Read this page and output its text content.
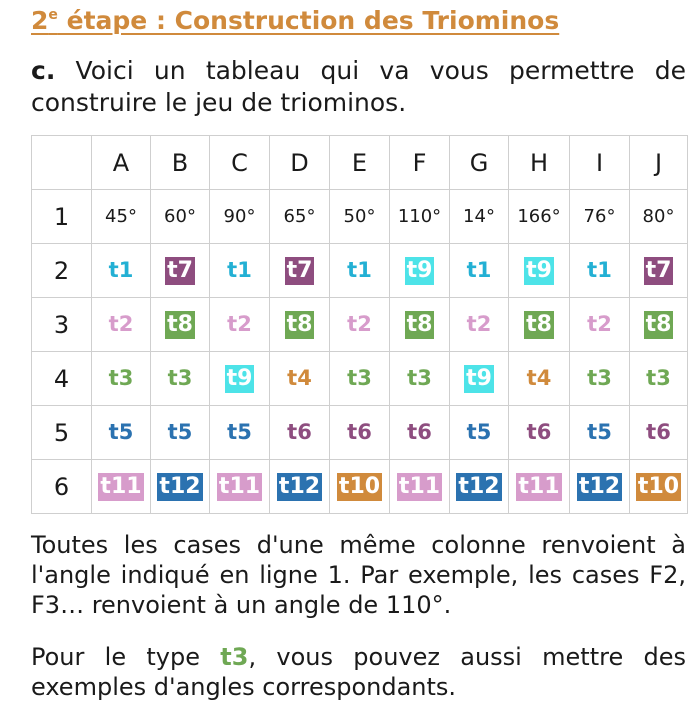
2e étape : Construction des Triominos
c. Voici un tableau qui va vous permettre de construire le jeu de triominos.
	A	B	C	D	E	F	G	H	I	J
1	45°	60°	90°	65°	50°	110°	14°	166°	76°	80°
2	t1	t7	t1	t7	t1	t9	t1	t9	t1	t7
3	t2	t8	t2	t8	t2	t8	t2	t8	t2	t8
4	t3	t3	t9	t4	t3	t3	t9	t4	t3	t3
5	t5	t5	t5	t6	t6	t6	t5	t6	t5	t6
6	t11	t12	t11	t12	t10	t11	t12	t11	t12	t10
Toutes les cases d'une même colonne renvoient à l'angle indiqué en ligne 1. Par exemple, les cases F2, F3… renvoient à un angle de 110°.
Pour le type t3, vous pouvez aussi mettre des exemples d'angles correspondants.
